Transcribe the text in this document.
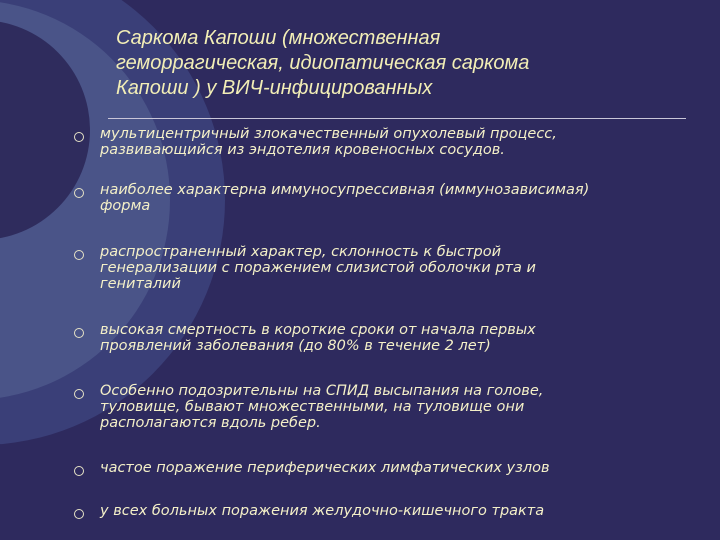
Саркома Капоши (множественная
геморрагическая, идиопатическая саркома
Капоши ) у ВИЧ-инфицированных

мультицентричный злокачественный опухолевый процесс,
развивающийся из эндотелия кровеносных сосудов.

наиболее характерна иммуносупрессивная (иммунозависимая)
форма

распространенный характер, склонность к быстрой
генерализации с поражением слизистой оболочки рта и
гениталий

высокая смертность в короткие сроки от начала первых
проявлений заболевания (до 80% в течение 2 лет)

Особенно подозрительны на СПИД высыпания на голове,
туловище, бывают множественными, на туловище они
располагаются вдоль ребер.

частое поражение периферических лимфатических узлов

у всех больных поражения желудочно-кишечного тракта
